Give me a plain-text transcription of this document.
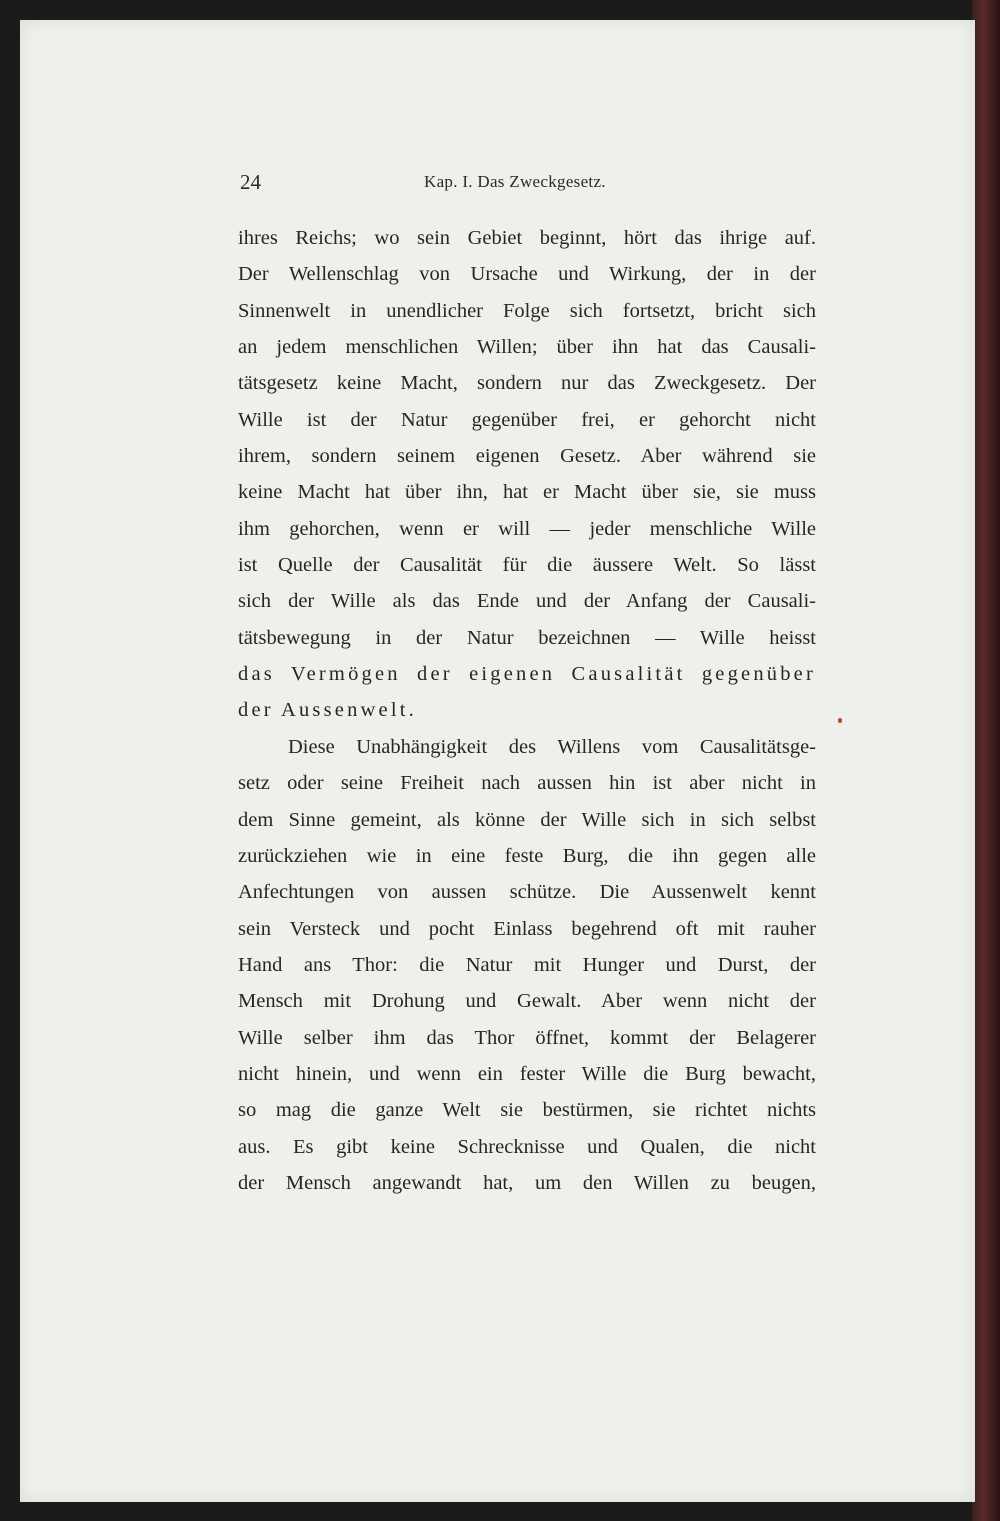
24	Kap. I. Das Zweckgesetz.
ihres Reichs; wo sein Gebiet beginnt, hört das ihrige auf.
Der Wellenschlag von Ursache und Wirkung, der in der
Sinnenwelt in unendlicher Folge sich fortsetzt, bricht sich
an jedem menschlichen Willen; über ihn hat das Causali-
tätsgesetz keine Macht, sondern nur das Zweckgesetz. Der
Wille ist der Natur gegenüber frei, er gehorcht nicht
ihrem, sondern seinem eigenen Gesetz. Aber während sie
keine Macht hat über ihn, hat er Macht über sie, sie muss
ihm gehorchen, wenn er will — jeder menschliche Wille
ist Quelle der Causalität für die äussere Welt. So lässt
sich der Wille als das Ende und der Anfang der Causali-
tätsbewegung in der Natur bezeichnen — Wille heisst
das Vermögen der eigenen Causalität gegenüber
der Aussenwelt.
Diese Unabhängigkeit des Willens vom Causalitätsge-
setz oder seine Freiheit nach aussen hin ist aber nicht in
dem Sinne gemeint, als könne der Wille sich in sich selbst
zurückziehen wie in eine feste Burg, die ihn gegen alle
Anfechtungen von aussen schütze. Die Aussenwelt kennt
sein Versteck und pocht Einlass begehrend oft mit rauher
Hand ans Thor: die Natur mit Hunger und Durst, der
Mensch mit Drohung und Gewalt. Aber wenn nicht der
Wille selber ihm das Thor öffnet, kommt der Belagerer
nicht hinein, und wenn ein fester Wille die Burg bewacht,
so mag die ganze Welt sie bestürmen, sie richtet nichts
aus. Es gibt keine Schrecknisse und Qualen, die nicht
der Mensch angewandt hat, um den Willen zu beugen,
